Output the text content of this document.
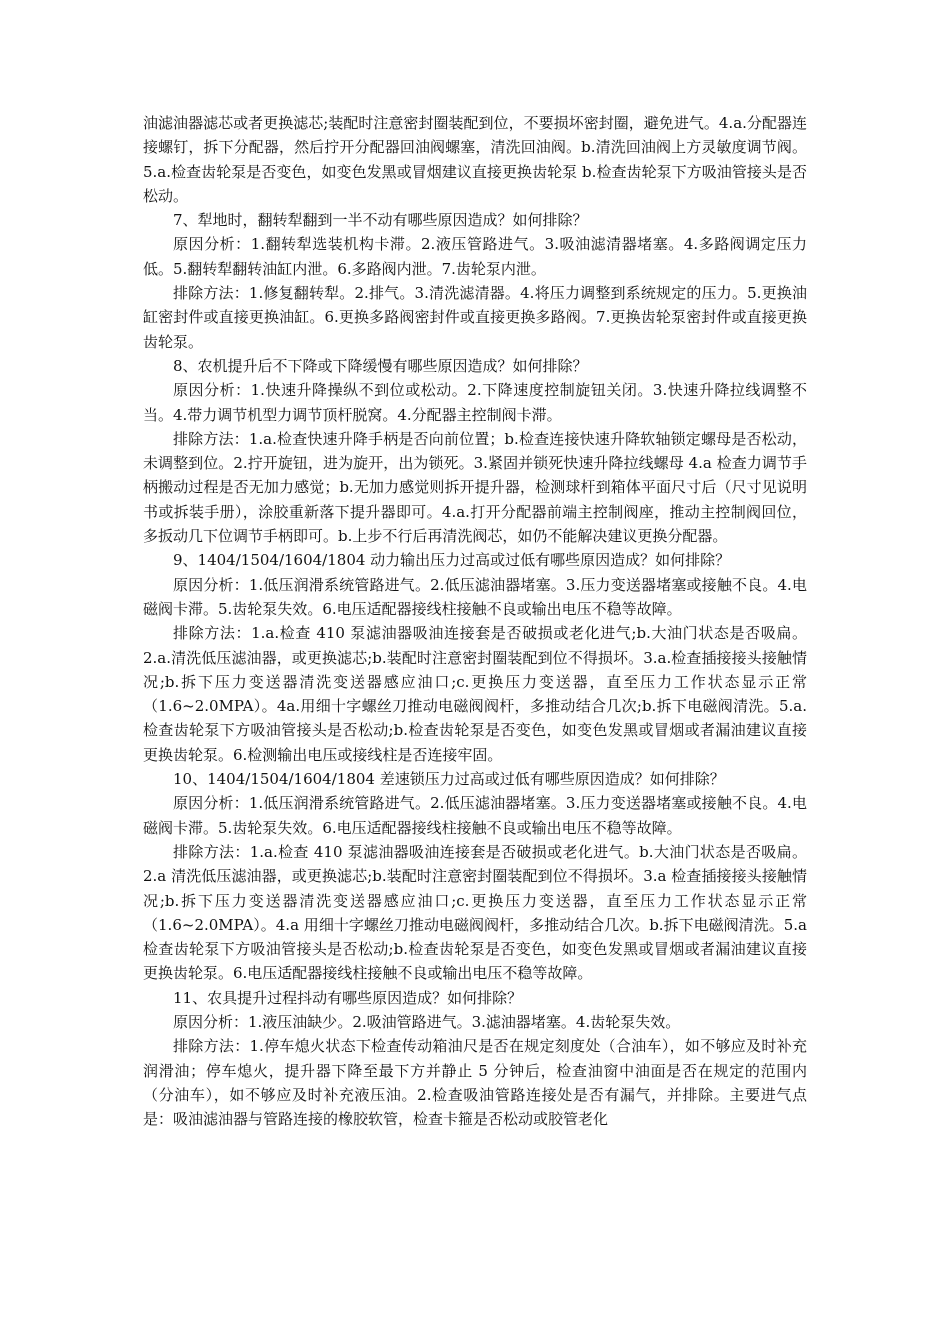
油滤油器滤芯或者更换滤芯;装配时注意密封圈装配到位，不要损坏密封圈，避免进气。4.a.分配器连接螺钉，拆下分配器，然后拧开分配器回油阀螺塞，清洗回油阀。b.清洗回油阀上方灵敏度调节阀。5.a.检查齿轮泵是否变色，如变色发黑或冒烟建议直接更换齿轮泵 b.检查齿轮泵下方吸油管接头是否松动。

7、犁地时，翻转犁翻到一半不动有哪些原因造成？如何排除？

原因分析：1.翻转犁选装机构卡滞。2.液压管路进气。3.吸油滤清器堵塞。4.多路阀调定压力低。5.翻转犁翻转油缸内泄。6.多路阀内泄。7.齿轮泵内泄。

排除方法：1.修复翻转犁。2.排气。3.清洗滤清器。4.将压力调整到系统规定的压力。5.更换油缸密封件或直接更换油缸。6.更换多路阀密封件或直接更换多路阀。7.更换齿轮泵密封件或直接更换齿轮泵。

8、农机提升后不下降或下降缓慢有哪些原因造成？如何排除？

原因分析：1.快速升降操纵不到位或松动。2.下降速度控制旋钮关闭。3.快速升降拉线调整不当。4.带力调节机型力调节顶杆脱窝。4.分配器主控制阀卡滞。

排除方法：1.a.检查快速升降手柄是否向前位置；b.检查连接快速升降软轴锁定螺母是否松动，未调整到位。2.拧开旋钮，进为旋开，出为锁死。3.紧固并锁死快速升降拉线螺母 4.a 检查力调节手柄搬动过程是否无加力感觉；b.无加力感觉则拆开提升器，检测球杆到箱体平面尺寸后（尺寸见说明书或拆装手册），涂胶重新落下提升器即可。4.a.打开分配器前端主控制阀座，推动主控制阀回位，多扳动几下位调节手柄即可。b.上步不行后再清洗阀芯，如仍不能解决建议更换分配器。

9、1404/1504/1604/1804 动力输出压力过高或过低有哪些原因造成？如何排除？

原因分析：1.低压润滑系统管路进气。2.低压滤油器堵塞。3.压力变送器堵塞或接触不良。4.电磁阀卡滞。5.齿轮泵失效。6.电压适配器接线柱接触不良或输出电压不稳等故障。

排除方法：1.a.检查 410 泵滤油器吸油连接套是否破损或老化进气;b.大油门状态是否吸扁。2.a.清洗低压滤油器，或更换滤芯;b.装配时注意密封圈装配到位不得损坏。3.a.检查插接接头接触情况;b.拆下压力变送器清洗变送器感应油口;c.更换压力变送器，直至压力工作状态显示正常（1.6~2.0MPA）。4a.用细十字螺丝刀推动电磁阀阀杆，多推动结合几次;b.拆下电磁阀清洗。5.a.检查齿轮泵下方吸油管接头是否松动;b.检查齿轮泵是否变色，如变色发黑或冒烟或者漏油建议直接更换齿轮泵。6.检测输出电压或接线柱是否连接牢固。

10、1404/1504/1604/1804 差速锁压力过高或过低有哪些原因造成？如何排除？

原因分析：1.低压润滑系统管路进气。2.低压滤油器堵塞。3.压力变送器堵塞或接触不良。4.电磁阀卡滞。5.齿轮泵失效。6.电压适配器接线柱接触不良或输出电压不稳等故障。

排除方法：1.a.检查 410 泵滤油器吸油连接套是否破损或老化进气。b.大油门状态是否吸扁。2.a 清洗低压滤油器，或更换滤芯;b.装配时注意密封圈装配到位不得损坏。3.a 检查插接接头接触情况;b.拆下压力变送器清洗变送器感应油口;c.更换压力变送器，直至压力工作状态显示正常（1.6~2.0MPA）。4.a 用细十字螺丝刀推动电磁阀阀杆，多推动结合几次。b.拆下电磁阀清洗。5.a 检查齿轮泵下方吸油管接头是否松动;b.检查齿轮泵是否变色，如变色发黑或冒烟或者漏油建议直接更换齿轮泵。6.电压适配器接线柱接触不良或输出电压不稳等故障。

11、农具提升过程抖动有哪些原因造成？如何排除？

原因分析：1.液压油缺少。2.吸油管路进气。3.滤油器堵塞。4.齿轮泵失效。

排除方法：1.停车熄火状态下检查传动箱油尺是否在规定刻度处（合油车），如不够应及时补充润滑油；停车熄火，提升器下降至最下方并静止 5 分钟后，检查油窗中油面是否在规定的范围内（分油车），如不够应及时补充液压油。2.检查吸油管路连接处是否有漏气，并排除。主要进气点是：吸油滤油器与管路连接的橡胶软管，检查卡箍是否松动或胶管老化
